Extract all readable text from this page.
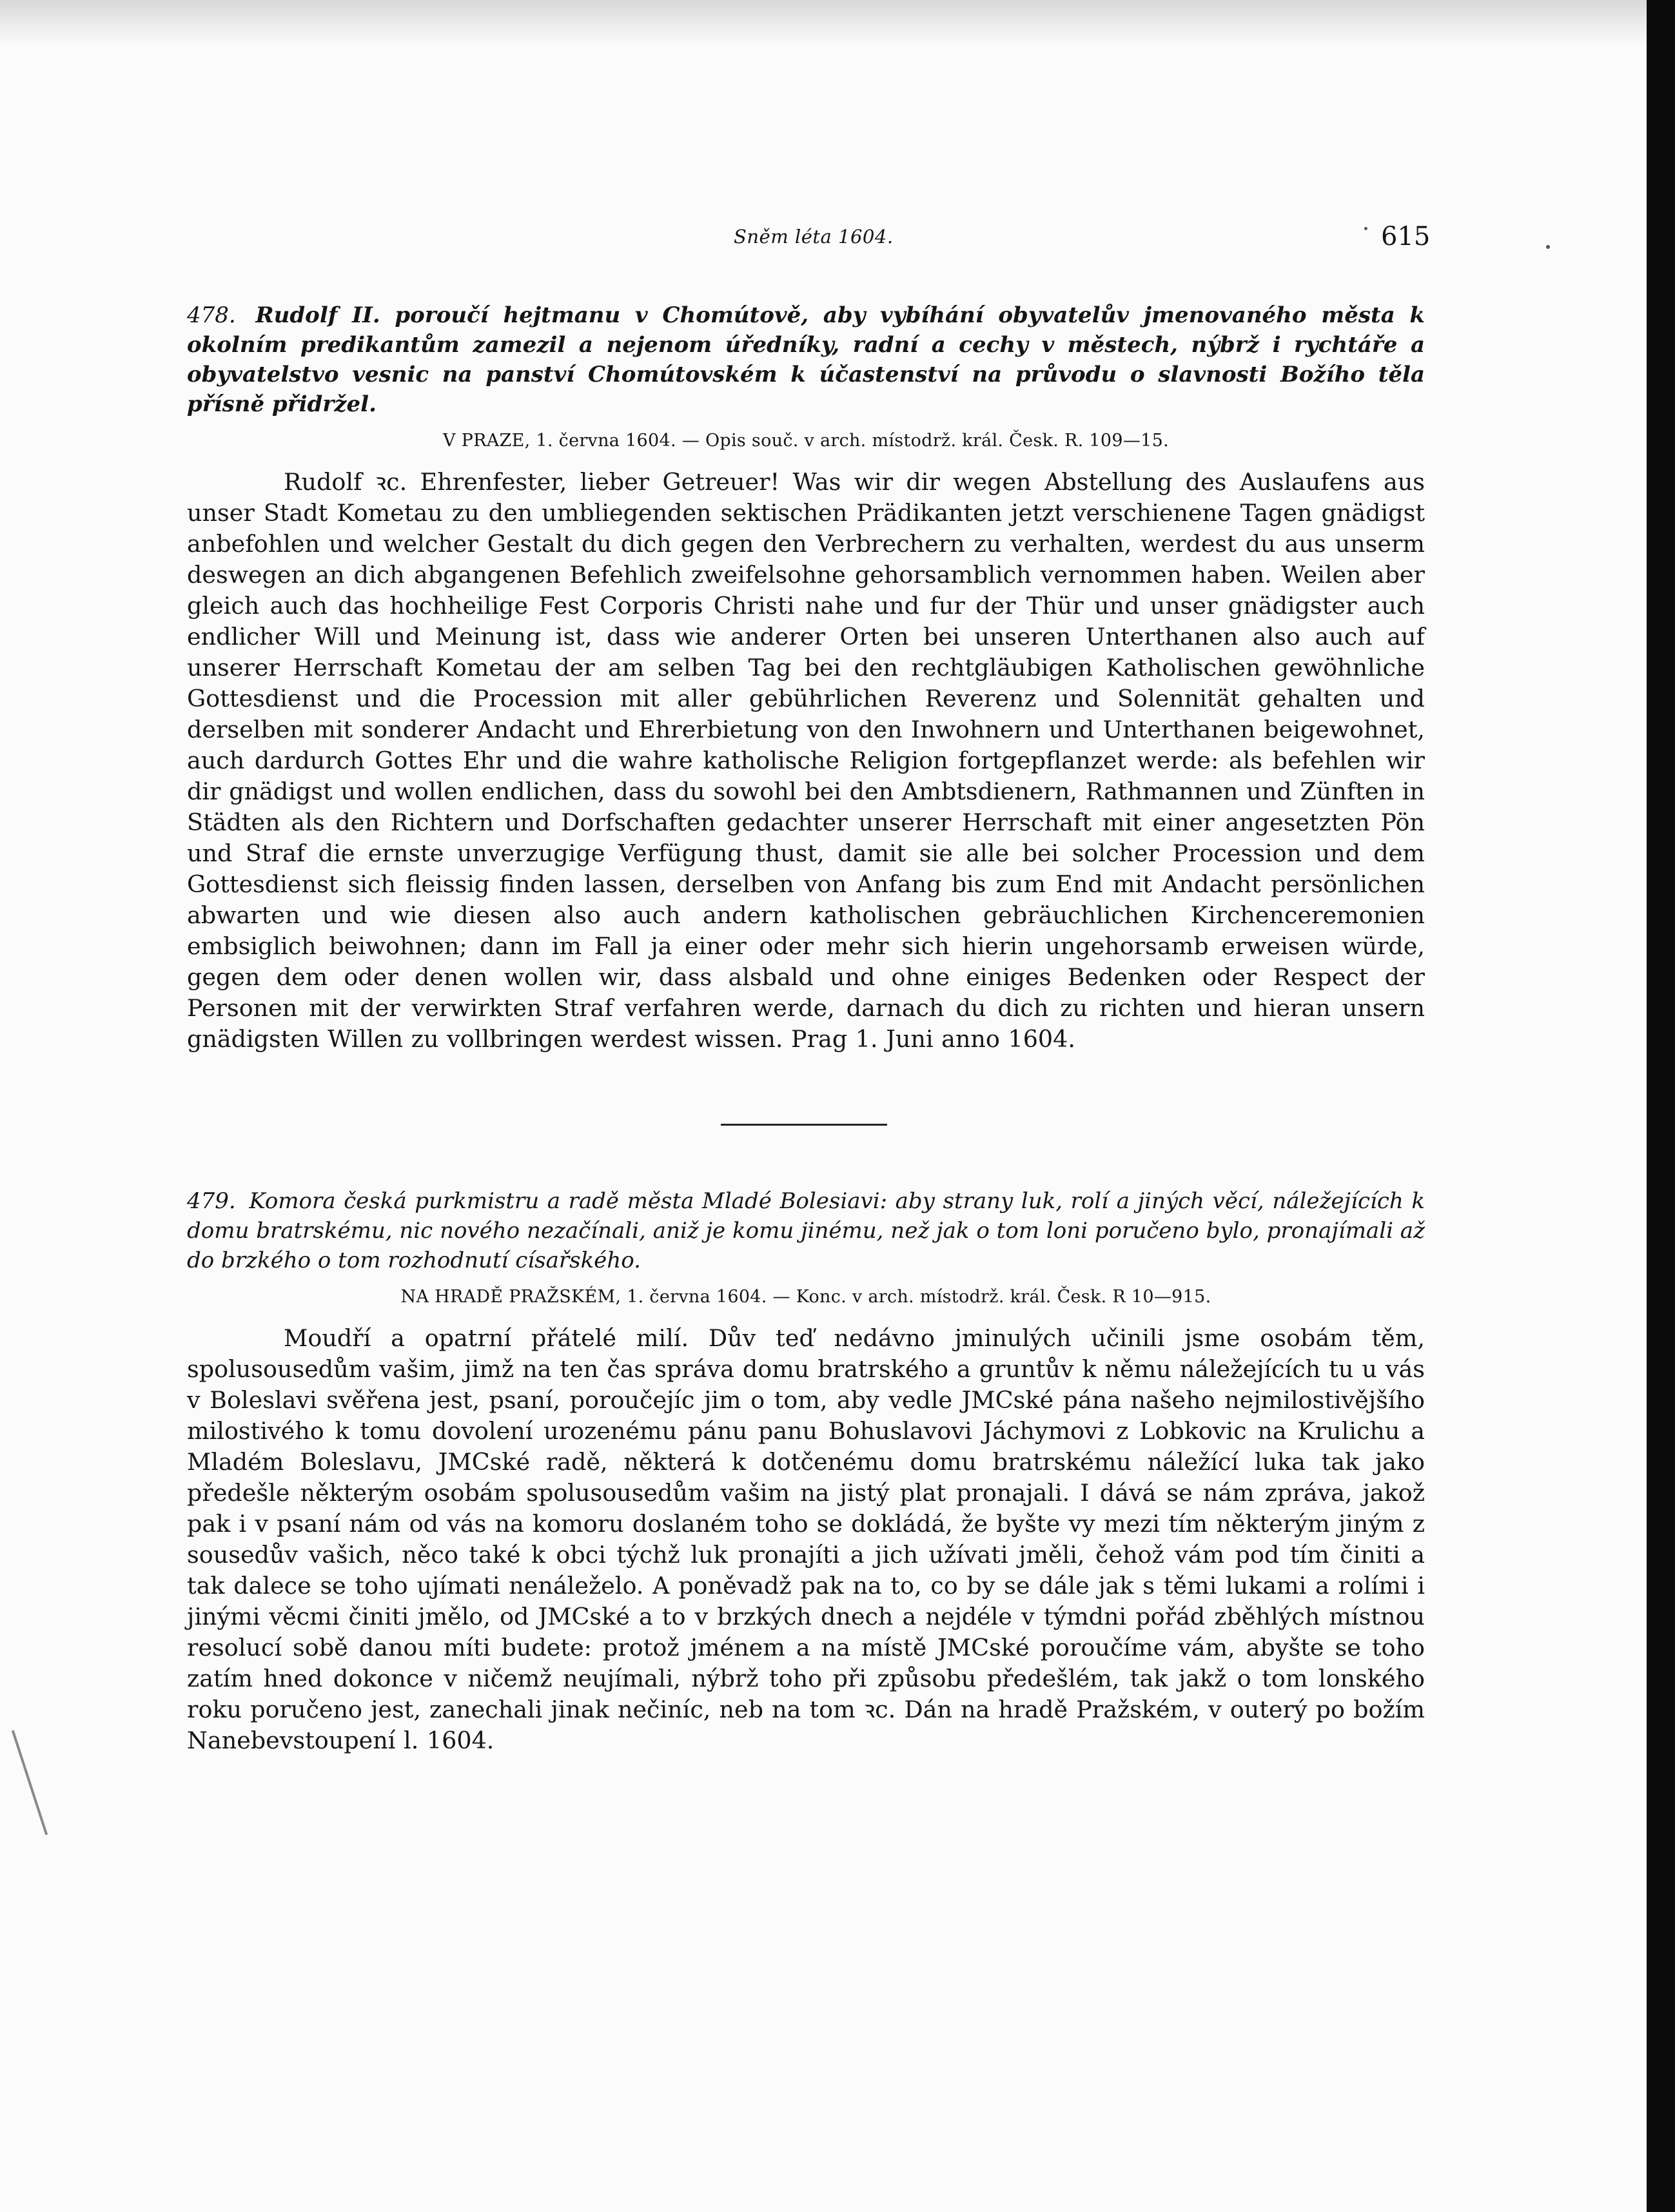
Sněm léta 1604.	615

478. Rudolf II. poroučí hejtmanu v Chomútově, aby vybíhání obyvatelův jmenovaného města k okolním predikantům zamezil a nejenom úředníky, radní a cechy v městech, nýbrž i rychtáře a obyvatelstvo vesnic na panství Chomútovském k účastenství na průvodu o slavnosti Božího těla přísně přidržel.

V PRAZE, 1. června 1604. — Opis souč. v arch. místodrž. král. Česk. R. 109—15.

Rudolf ꝛc. Ehrenfester, lieber Getreuer! Was wir dir wegen Abstellung des Auslaufens aus unser Stadt Kometau zu den umbliegenden sektischen Prädikanten jetzt verschienene Tagen gnädigst anbefohlen und welcher Gestalt du dich gegen den Verbrechern zu verhalten, werdest du aus unserm deswegen an dich abgangenen Befehlich zweifelsohne gehorsamblich vernommen haben. Weilen aber gleich auch das hochheilige Fest Corporis Christi nahe und fur der Thür und unser gnädigster auch endlicher Will und Meinung ist, dass wie anderer Orten bei unseren Unterthanen also auch auf unserer Herrschaft Kometau der am selben Tag bei den rechtgläubigen Katholischen gewöhnliche Gottesdienst und die Procession mit aller gebührlichen Reverenz und Solennität gehalten und derselben mit sonderer Andacht und Ehrerbietung von den Inwohnern und Unterthanen beigewohnet, auch dardurch Gottes Ehr und die wahre katholische Religion fortgepflanzet werde: als befehlen wir dir gnädigst und wollen endlichen, dass du sowohl bei den Ambtsdienern, Rathmannen und Zünften in Städten als den Richtern und Dorfschaften gedachter unserer Herrschaft mit einer angesetzten Pön und Straf die ernste unverzugige Verfügung thust, damit sie alle bei solcher Procession und dem Gottesdienst sich fleissig finden lassen, derselben von Anfang bis zum End mit Andacht persönlichen abwarten und wie diesen also auch andern katholischen gebräuchlichen Kirchenceremonien embsiglich beiwohnen; dann im Fall ja einer oder mehr sich hierin ungehorsamb erweisen würde, gegen dem oder denen wollen wir, dass alsbald und ohne einiges Bedenken oder Respect der Personen mit der verwirkten Straf verfahren werde, darnach du dich zu richten und hieran unsern gnädigsten Willen zu vollbringen werdest wissen. Prag 1. Juni anno 1604.

479. Komora česká purkmistru a radě města Mladé Bolesiavi: aby strany luk, rolí a jiných věcí, náležejících k domu bratrskému, nic nového nezačínali, aniž je komu jinému, než jak o tom loni poručeno bylo, pronajímali až do brzkého o tom rozhodnutí císařského.

NA HRADĚ PRAŽSKÉM, 1. června 1604. — Konc. v arch. místodrž. král. Česk. R 10—915.

Moudří a opatrní přátelé milí. Dův teď nedávno jminulých učinili jsme osobám těm, spolusousedům vašim, jimž na ten čas správa domu bratrského a gruntův k němu náležejících tu u vás v Boleslavi svěřena jest, psaní, poroučejíc jim o tom, aby vedle JMCské pána našeho nejmilostivějšího milostivého k tomu dovolení urozenému pánu panu Bohuslavovi Jáchymovi z Lobkovic na Krulichu a Mladém Boleslavu, JMCské radě, některá k dotčenému domu bratrskému náležící luka tak jako předešle některým osobám spolusousedům vašim na jistý plat pronajali. I dává se nám zpráva, jakož pak i v psaní nám od vás na komoru doslaném toho se dokládá, že byšte vy mezi tím některým jiným z sousedův vašich, něco také k obci týchž luk pronajíti a jich užívati jměli, čehož vám pod tím činiti a tak dalece se toho ujímati nenáleželo. A poněvadž pak na to, co by se dále jak s těmi lukami a rolími i jinými věcmi činiti jmělo, od JMCské a to v brzkých dnech a nejdéle v týmdni pořád zběhlých místnou resolucí sobě danou míti budete: protož jménem a na místě JMCské poroučíme vám, abyšte se toho zatím hned dokonce v ničemž neujímali, nýbrž toho při způsobu předešlém, tak jakž o tom lonského roku poručeno jest, zanechali jinak nečiníc, neb na tom ꝛc. Dán na hradě Pražském, v outerý po božím Nanebevstoupení l. 1604.
